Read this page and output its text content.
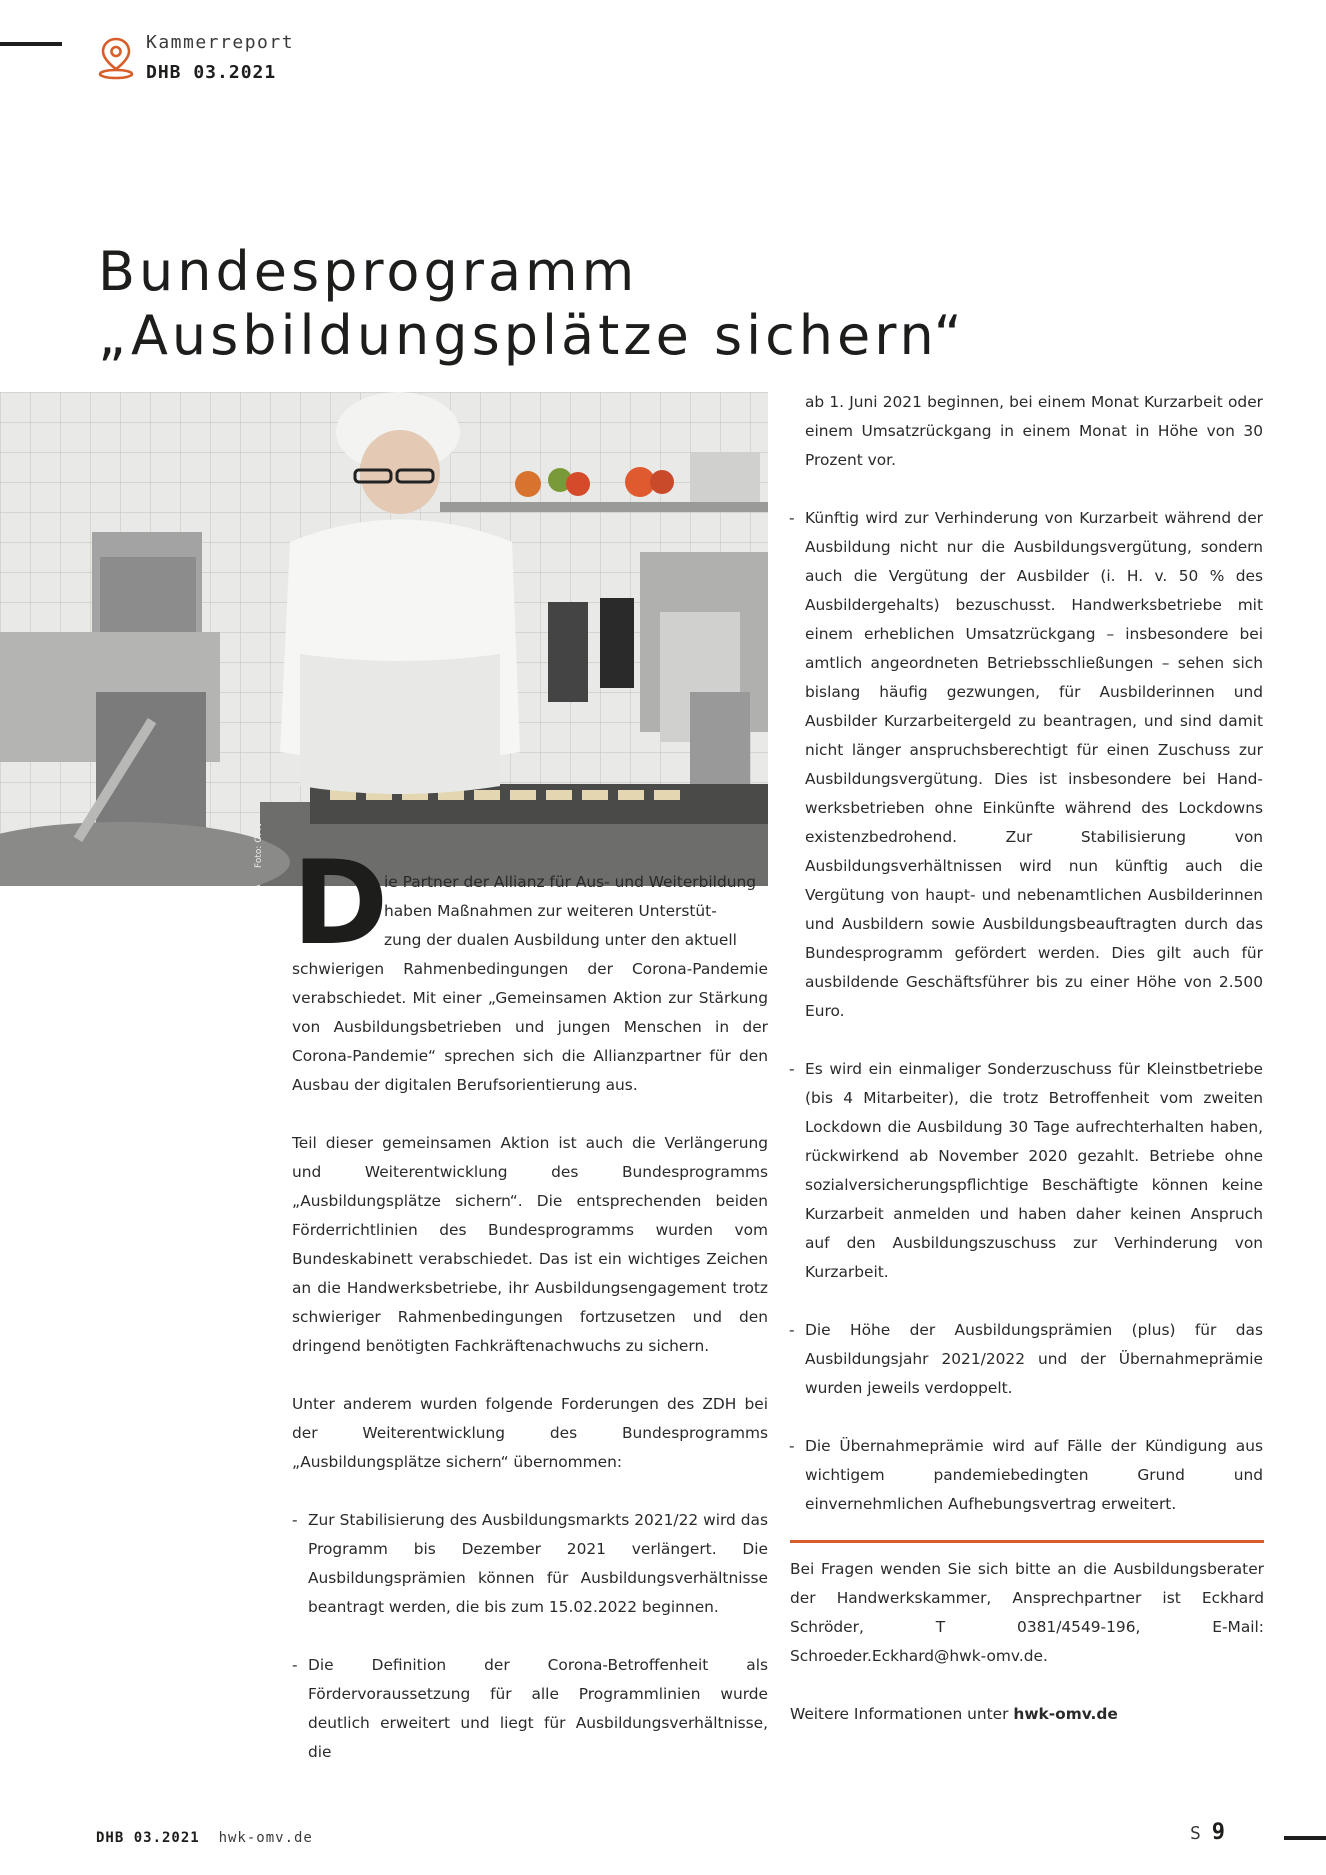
Kammerreport
DHB 03.2021
Bundesprogramm
„Ausbildungsplätze sichern“
Foto: OMV D

ie Partner der Allianz für Aus- und Weiterbildung
haben Maßnahmen zur weiteren Unterstüt-
zung der dualen Ausbildung unter den aktuell
schwierigen Rahmenbedingungen der Corona-Pandemie verabschiedet. Mit einer „Gemeinsamen Aktion zur Stärkung von Ausbildungsbetrieben und jungen Menschen in der Corona-Pandemie“ sprechen sich die Allianzpartner für den Ausbau der digitalen Berufsorientierung aus.

Teil dieser gemeinsamen Aktion ist auch die Verlängerung und Weiterentwicklung des Bundesprogramms „Ausbildungsplätze sichern“. Die entsprechenden beiden Förderrichtlinien des Bundesprogramms wurden vom Bundeskabinett verabschiedet. Das ist ein wichtiges Zeichen an die Handwerksbetriebe, ihr Ausbildungsengagement trotz schwieriger Rahmenbedingungen fortzusetzen und den dringend benötigten Fachkräftenachwuchs zu sichern.

Unter anderem wurden folgende Forderungen des ZDH bei der Weiterentwicklung des Bundesprogramms „Ausbildungsplätze sichern“ übernommen:

- Zur Stabilisierung des Ausbildungsmarkts 2021/22 wird das Programm bis Dezember 2021 verlängert. Die Ausbildungsprämien können für Ausbildungsverhältnisse beantragt werden, die bis zum 15.02.2022 beginnen.

- Die Definition der Corona-Betroffenheit als Fördervoraussetzung für alle Programmlinien wurde deutlich erweitert und liegt für Ausbildungsverhältnisse, die

ab 1. Juni 2021 beginnen, bei einem Monat Kurzarbeit oder einem Umsatzrückgang in einem Monat in Höhe von 30 Prozent vor.

- Künftig wird zur Verhinderung von Kurzarbeit während der Ausbildung nicht nur die Ausbildungsvergütung, sondern auch die Vergütung der Ausbilder (i. H. v. 50 % des Ausbildergehalts) bezuschusst. Handwerksbetriebe mit einem erheblichen Umsatzrückgang – insbesondere bei amtlich angeordneten Betriebsschließungen – sehen sich bislang häufig gezwungen, für Ausbilderinnen und Ausbilder Kurzarbeitergeld zu beantragen, und sind damit nicht länger anspruchsberechtigt für einen Zuschuss zur Ausbildungsvergütung. Dies ist insbesondere bei Hand- werksbetrieben ohne Einkünfte während des Lockdowns existenzbedrohend. Zur Stabilisierung von Ausbildungsverhältnissen wird nun künftig auch die Vergütung von haupt- und nebenamtlichen Ausbilderinnen und Ausbildern sowie Ausbildungsbeauftragten durch das Bundesprogramm gefördert werden. Dies gilt auch für ausbildende Geschäftsführer bis zu einer Höhe von 2.500 Euro.

- Es wird ein einmaliger Sonderzuschuss für Kleinstbetriebe (bis 4 Mitarbeiter), die trotz Betroffenheit vom zweiten Lockdown die Ausbildung 30 Tage aufrechterhalten haben, rückwirkend ab November 2020 gezahlt. Betriebe ohne sozialversicherungspflichtige Beschäftigte können keine Kurzarbeit anmelden und haben daher keinen Anspruch auf den Ausbildungszuschuss zur Verhinderung von Kurzarbeit.

- Die Höhe der Ausbildungsprämien (plus) für das Ausbildungsjahr 2021/2022 und der Übernahmeprämie wurden jeweils verdoppelt.

- Die Übernahmeprämie wird auf Fälle der Kündigung aus wichtigem pandemiebedingten Grund und einvernehmlichen Aufhebungsvertrag erweitert.

Bei Fragen wenden Sie sich bitte an die Ausbildungsberater der Handwerkskammer, Ansprechpartner ist Eckhard Schröder, T 0381/4549-196, E-Mail: Schroeder.Eckhard@hwk-omv.de.

Weitere Informationen unter hwk-omv.de

DHB 03.2021 hwk-omv.de	S 9
